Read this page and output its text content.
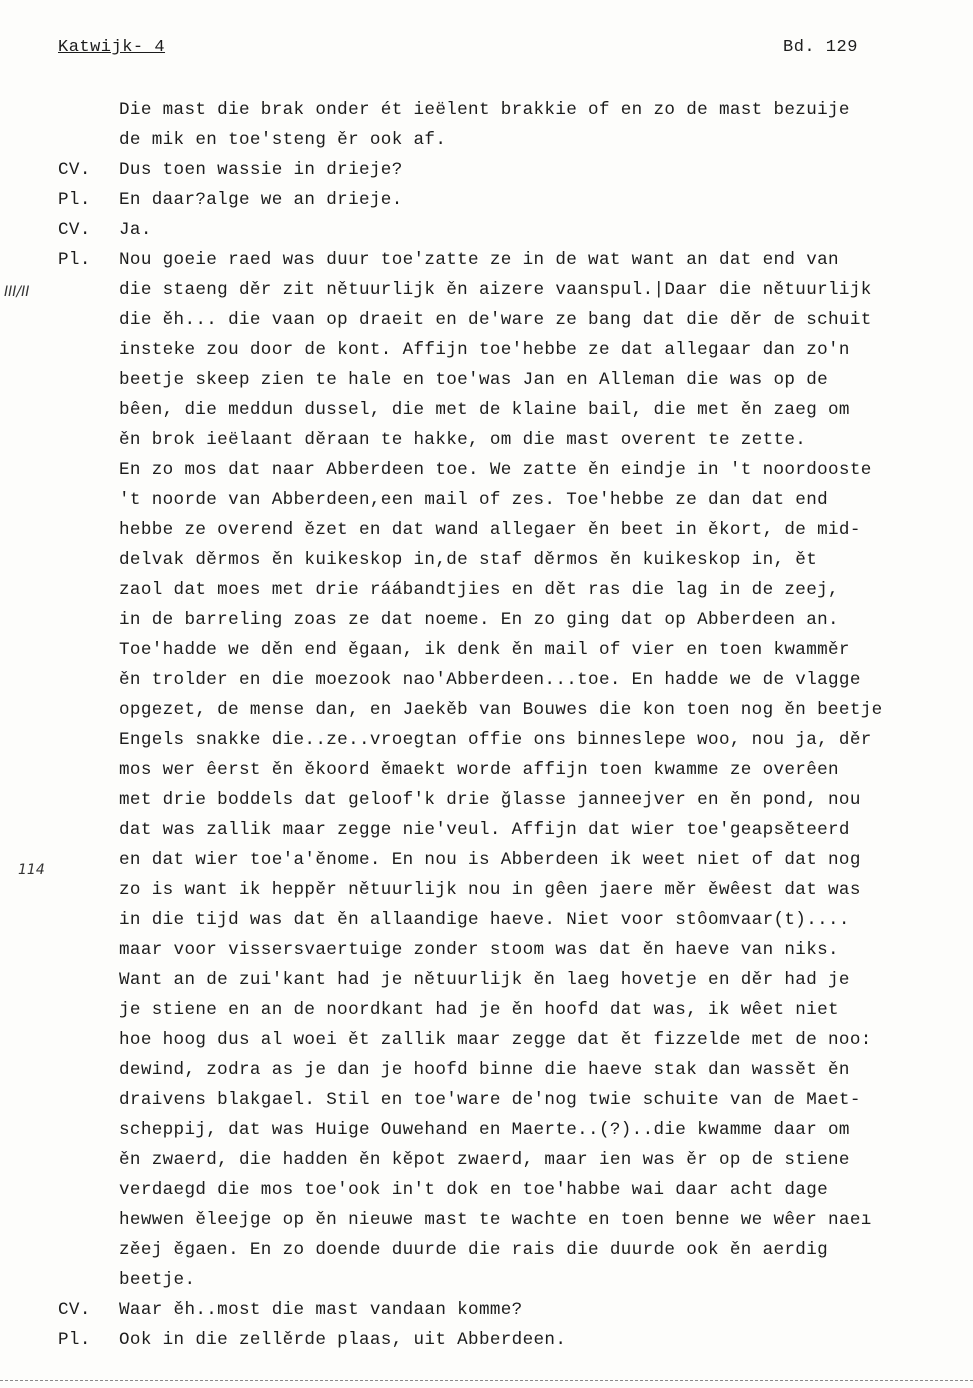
Katwijk- 4	Bd. 129
III/II
114
Die mast die brak onder ét ieëlent brakkie of en zo de mast bezuije
de mik en toe'steng ěr ook af.
CV. Dus toen wassie in drieje?
Pl. En daar?alge we an drieje.
CV. Ja.
Pl. Nou goeie raed was duur toe'zatte ze in de wat want an dat end van
die staeng děr zit nětuurlijk ěn aizere vaanspul.|Daar die nětuurlijk
die ěh... die vaan op draeit en de'ware ze bang dat die děr de schuit
insteke zou door de kont. Affijn toe'hebbe ze dat allegaar dan zo'n
beetje skeep zien te hale en toe'was Jan en Alleman die was op de
bêen, die meddun dussel, die met de klaine bail, die met ěn zaeg om
ěn brok ieëlaant děraan te hakke, om die mast overent te zette.
En zo mos dat naar Abberdeen toe. We zatte ěn eindje in 't noordooste
't noorde van Abberdeen,een mail of zes. Toe'hebbe ze dan dat end
hebbe ze overend ězet en dat wand allegaer ěn beet in ěkort, de mid-
delvak děrmos ěn kuikeskop in,de staf děrmos ěn kuikeskop in, ět
zaol dat moes met drie ráábandtjies en dět ras die lag in de zeej,
in de barreling zoas ze dat noeme. En zo ging dat op Abberdeen an.
Toe'hadde we děn end ěgaan, ik denk ěn mail of vier en toen kwamměr
ěn trolder en die moezook nao'Abberdeen...toe. En hadde we de vlagge
opgezet, de mense dan, en Jaekěb van Bouwes die kon toen nog ěn beetje
Engels snakke die..ze..vroegtan offie ons binneslepe woo, nou ja, děr
mos wer êerst ěn ěkoord ěmaekt worde affijn toen kwamme ze overêen
met drie boddels dat geloof'k drie ğlasse janneejver en ěn pond, nou
dat was zallik maar zegge nie'veul. Affijn dat wier toe'geapsěteerd
en dat wier toe'a'ěnome. En nou is Abberdeen ik weet niet of dat nog
zo is want ik heppěr nětuurlijk nou in gêen jaere měr ěwêest dat was
in die tijd was dat ěn allaandige haeve. Niet voor stôomvaar(t)....
maar voor vissersvaertuige zonder stoom was dat ěn haeve van niks.
Want an de zui'kant had je nětuurlijk ěn laeg hovetje en děr had je
je stiene en an de noordkant had je ěn hoofd dat was, ik wêet niet
hoe hoog dus al woei ět zallik maar zegge dat ět fizzelde met de noo:
dewind, zodra as je dan je hoofd binne die haeve stak dan wassět ěn
draivens blakgael. Stil en toe'ware de'nog twie schuite van de Maet-
scheppij, dat was Huige Ouwehand en Maerte..(?)..die kwamme daar om
ěn zwaerd, die hadden ěn kěpot zwaerd, maar ien was ěr op de stiene
verdaegd die mos toe'ook in't dok en toe'habbe wai daar acht dage
hewwen ěleejge op ěn nieuwe mast te wachte en toen benne we wêer naeı
zěej ěgaen. En zo doende duurde die rais die duurde ook ěn aerdig
beetje.
CV. Waar ěh..most die mast vandaan komme?
Pl. Ook in die zellěrde plaas, uit Abberdeen.
